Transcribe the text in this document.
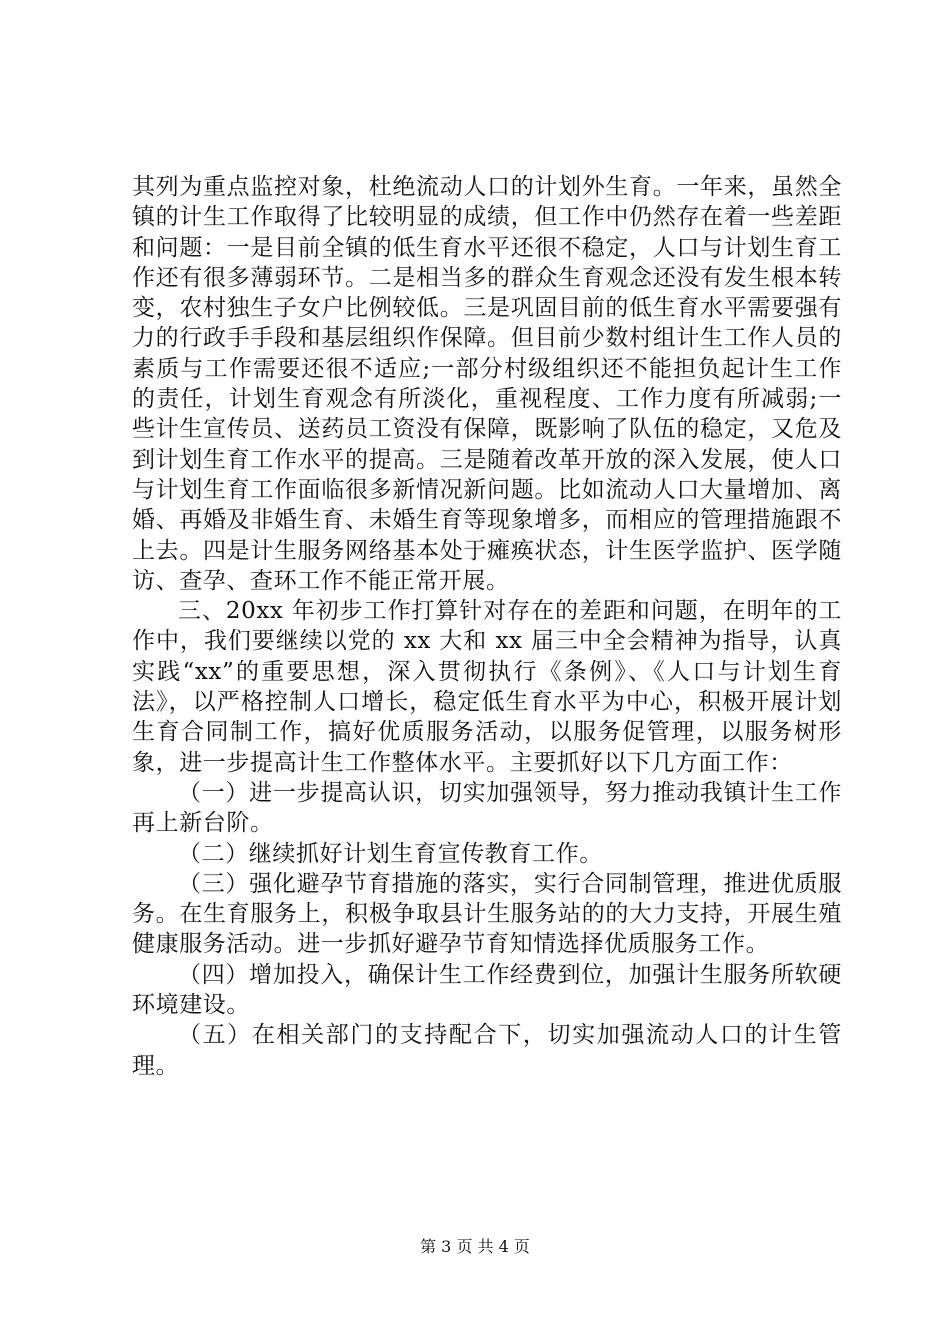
其列为重点监控对象，杜绝流动人口的计划外生育。一年来，虽然全镇的计生工作取得了比较明显的成绩，但工作中仍然存在着一些差距和问题：一是目前全镇的低生育水平还很不稳定，人口与计划生育工作还有很多薄弱环节。二是相当多的群众生育观念还没有发生根本转变，农村独生子女户比例较低。三是巩固目前的低生育水平需要强有力的行政手手段和基层组织作保障。但目前少数村组计生工作人员的素质与工作需要还很不适应;一部分村级组织还不能担负起计生工作的责任，计划生育观念有所淡化，重视程度、工作力度有所减弱;一些计生宣传员、送药员工资没有保障，既影响了队伍的稳定，又危及到计划生育工作水平的提高。三是随着改革开放的深入发展，使人口与计划生育工作面临很多新情况新问题。比如流动人口大量增加、离婚、再婚及非婚生育、未婚生育等现象增多，而相应的管理措施跟不上去。四是计生服务网络基本处于瘫痪状态，计生医学监护、医学随访、查孕、查环工作不能正常开展。

三、20xx 年初步工作打算针对存在的差距和问题，在明年的工作中，我们要继续以党的 xx 大和 xx 届三中全会精神为指导，认真实践“xx”的重要思想，深入贯彻执行《条例》、《人口与计划生育法》，以严格控制人口增长，稳定低生育水平为中心，积极开展计划生育合同制工作，搞好优质服务活动，以服务促管理，以服务树形象，进一步提高计生工作整体水平。主要抓好以下几方面工作：

（一）进一步提高认识，切实加强领导，努力推动我镇计生工作再上新台阶。

（二）继续抓好计划生育宣传教育工作。

（三）强化避孕节育措施的落实，实行合同制管理，推进优质服务。在生育服务上，积极争取县计生服务站的的大力支持，开展生殖健康服务活动。进一步抓好避孕节育知情选择优质服务工作。

（四）增加投入，确保计生工作经费到位，加强计生服务所软硬环境建设。

（五）在相关部门的支持配合下，切实加强流动人口的计生管理。

第 3 页 共 4 页
